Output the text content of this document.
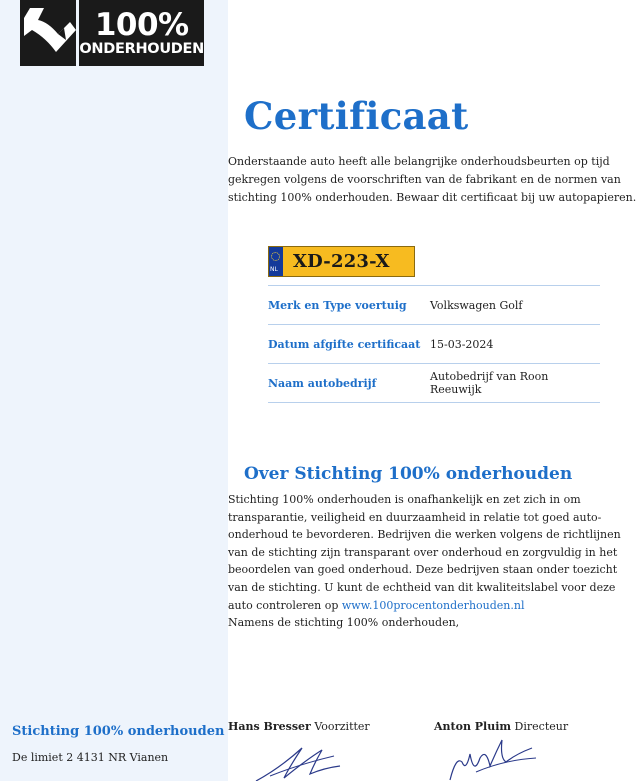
100%
ONDERHOUDEN
Certificaat

Onderstaande auto heeft alle belangrijke onderhoudsbeurten op tijd gekregen volgens de voorschriften van de fabrikant en de normen van stichting 100% onderhouden. Bewaar dit certificaat bij uw autopapieren.

NL XD-223-X
Merk en Type voertuig	Volkswagen Golf
Datum afgifte certificaat	15-03-2024
Naam autobedrijf	Autobedrijf van Roon Reeuwijk
Over Stichting 100% onderhouden
Stichting 100% onderhouden is onafhankelijk en zet zich in om transparantie, veiligheid en duurzaamheid in relatie tot goed auto-onderhoud te bevorderen. Bedrijven die werken volgens de richtlijnen van de stichting zijn transparant over onderhoud en zorgvuldig in het beoordelen van goed onderhoud. Deze bedrijven staan onder toezicht van de stichting. U kunt de echtheid van dit kwaliteitslabel voor deze auto controleren op www.100procentonderhouden.nl
Namens de stichting 100% onderhouden,
Stichting 100% onderhouden
De limiet 2 4131 NR Vianen
Hans Bresser Voorzitter	Anton Pluim Directeur
